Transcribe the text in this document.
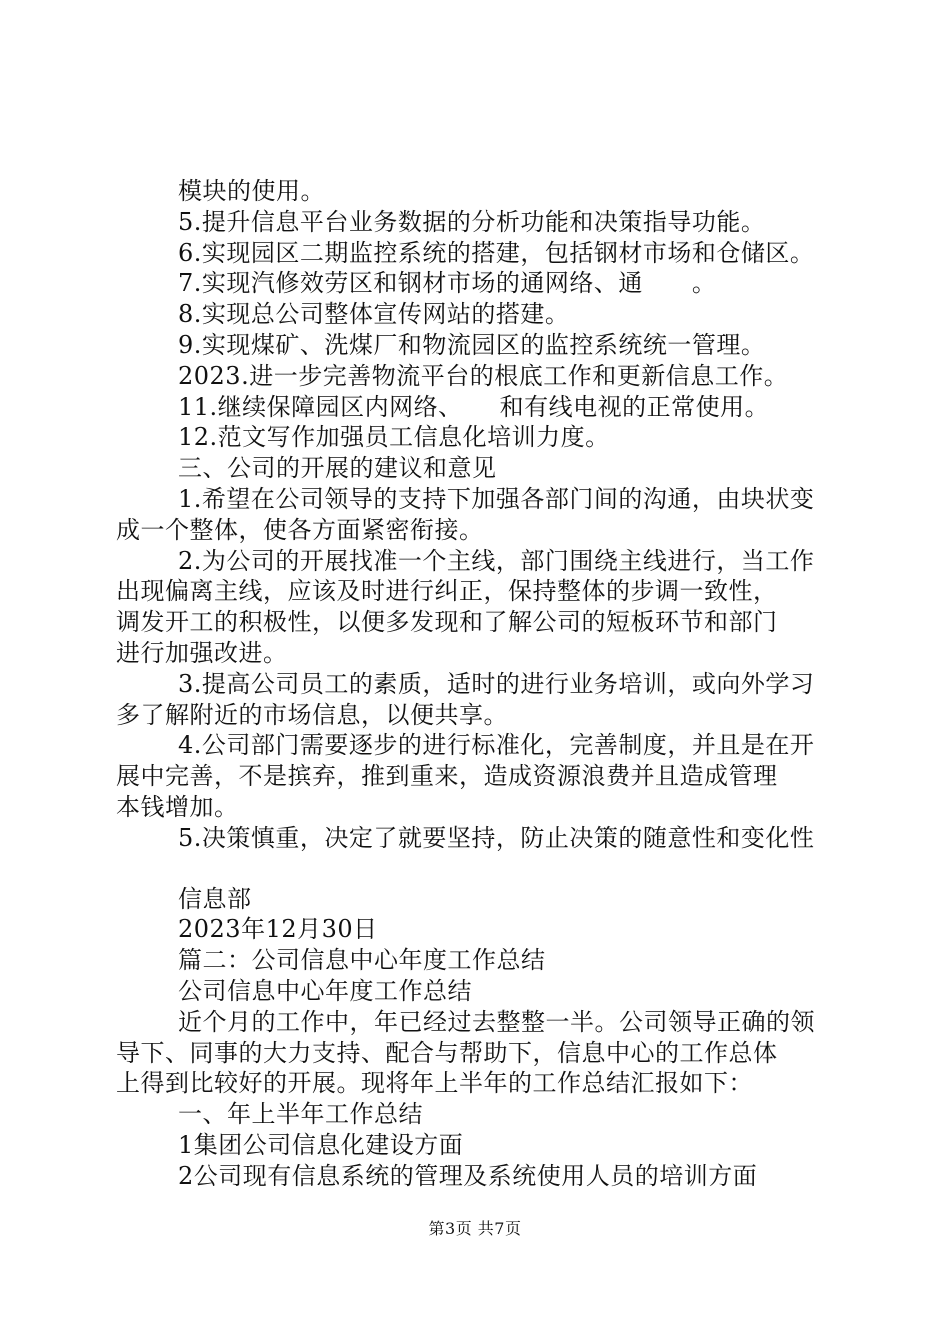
模块的使用。

5.提升信息平台业务数据的分析功能和决策指导功能。

6.实现园区二期监控系统的搭建，包括钢材市场和仓储区。

7.实现汽修效劳区和钢材市场的通网络、通　　。

8.实现总公司整体宣传网站的搭建。

9.实现煤矿、洗煤厂和物流园区的监控系统统一管理。

2023.进一步完善物流平台的根底工作和更新信息工作。

11.继续保障园区内网络、　　和有线电视的正常使用。

12.范文写作加强员工信息化培训力度。

三、公司的开展的建议和意见

1.希望在公司领导的支持下加强各部门间的沟通，由块状变

成一个整体，使各方面紧密衔接。

2.为公司的开展找准一个主线，部门围绕主线进行，当工作

出现偏离主线，应该及时进行纠正，保持整体的步调一致性，

调发开工的积极性，以便多发现和了解公司的短板环节和部门

进行加强改进。

3.提高公司员工的素质，适时的进行业务培训，或向外学习

多了解附近的市场信息，以便共享。

4.公司部门需要逐步的进行标准化，完善制度，并且是在开

展中完善，不是摈弃，推到重来，造成资源浪费并且造成管理

本钱增加。

5.决策慎重，决定了就要坚持，防止决策的随意性和变化性

信息部

2023年12月30日

篇二：公司信息中心年度工作总结

公司信息中心年度工作总结

近个月的工作中，年已经过去整整一半。公司领导正确的领

导下、同事的大力支持、配合与帮助下，信息中心的工作总体

上得到比较好的开展。现将年上半年的工作总结汇报如下：

一、年上半年工作总结

1集团公司信息化建设方面

2公司现有信息系统的管理及系统使用人员的培训方面

第3页 共7页
